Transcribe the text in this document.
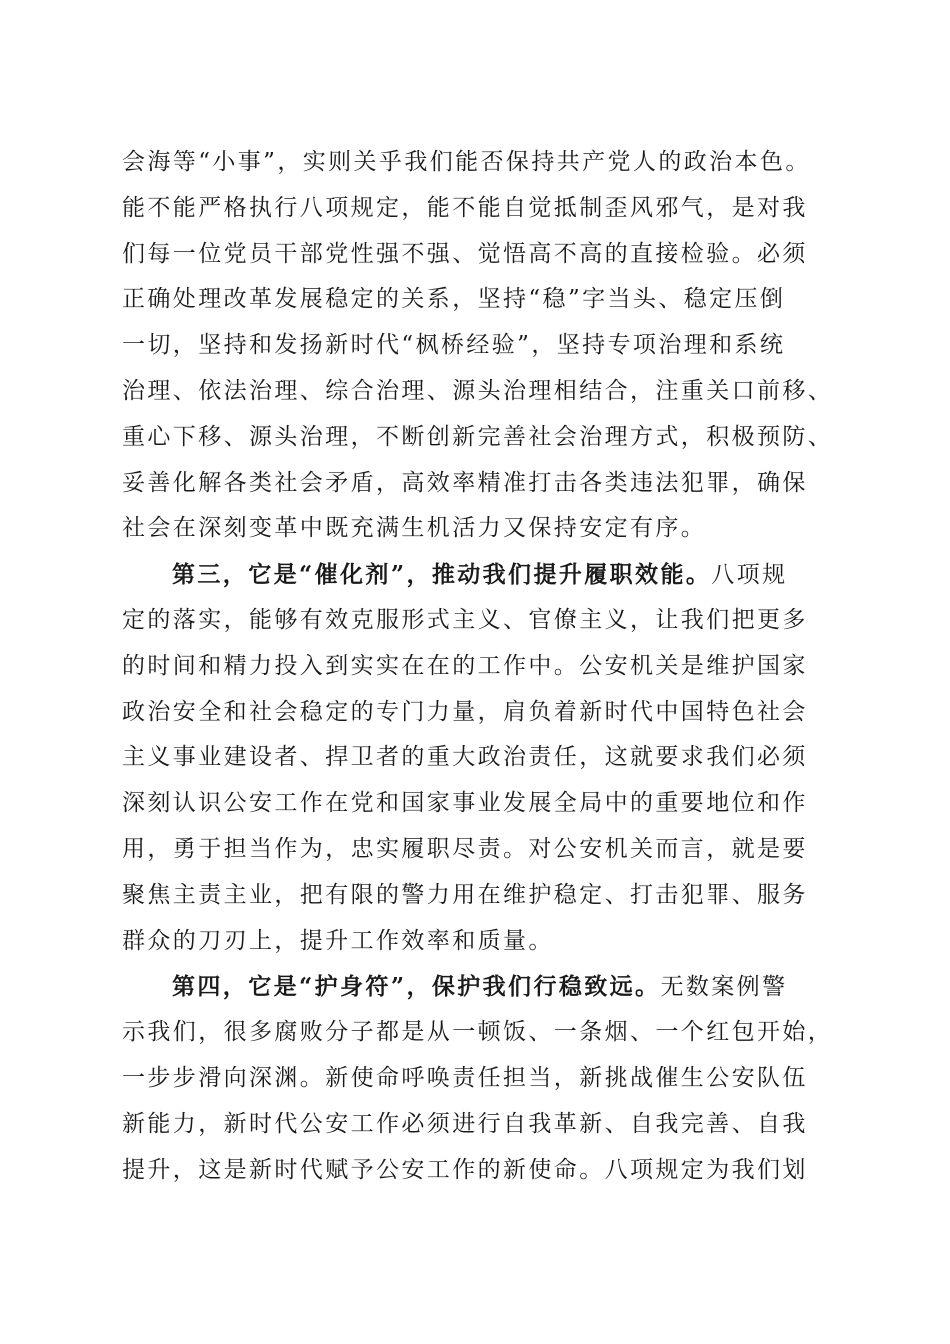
会海等“小事”，实则关乎我们能否保持共产党人的政治本色。
能不能严格执行八项规定，能不能自觉抵制歪风邪气，是对我
们每一位党员干部党性强不强、觉悟高不高的直接检验。必须
正确处理改革发展稳定的关系，坚持“稳”字当头、稳定压倒
一切，坚持和发扬新时代“枫桥经验”，坚持专项治理和系统
治理、依法治理、综合治理、源头治理相结合，注重关口前移、
重心下移、源头治理，不断创新完善社会治理方式，积极预防、
妥善化解各类社会矛盾，高效率精准打击各类违法犯罪，确保
社会在深刻变革中既充满生机活力又保持安定有序。
第三，它是“催化剂”，推动我们提升履职效能。八项规
定的落实，能够有效克服形式主义、官僚主义，让我们把更多
的时间和精力投入到实实在在的工作中。公安机关是维护国家
政治安全和社会稳定的专门力量，肩负着新时代中国特色社会
主义事业建设者、捍卫者的重大政治责任，这就要求我们必须
深刻认识公安工作在党和国家事业发展全局中的重要地位和作
用，勇于担当作为，忠实履职尽责。对公安机关而言，就是要
聚焦主责主业，把有限的警力用在维护稳定、打击犯罪、服务
群众的刀刃上，提升工作效率和质量。
第四，它是“护身符”，保护我们行稳致远。无数案例警
示我们，很多腐败分子都是从一顿饭、一条烟、一个红包开始，
一步步滑向深渊。新使命呼唤责任担当，新挑战催生公安队伍
新能力，新时代公安工作必须进行自我革新、自我完善、自我
提升，这是新时代赋予公安工作的新使命。八项规定为我们划
